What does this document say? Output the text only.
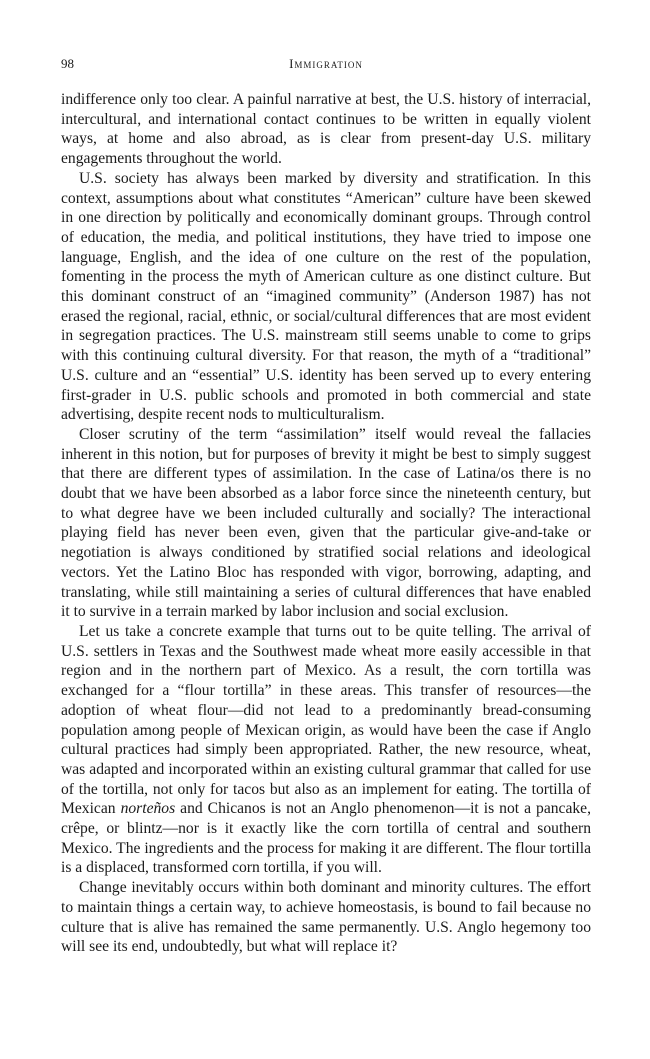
98	Immigration

indifference only too clear. A painful narrative at best, the U.S. history of interracial, intercultural, and international contact continues to be written in equally violent ways, at home and also abroad, as is clear from present-day U.S. military engagements throughout the world.

U.S. society has always been marked by diversity and stratification. In this context, assumptions about what constitutes “American” culture have been skewed in one direction by politically and economically dominant groups. Through control of education, the media, and political institutions, they have tried to impose one language, English, and the idea of one culture on the rest of the population, fomenting in the process the myth of American culture as one distinct culture. But this dominant construct of an “imagined community” (Anderson 1987) has not erased the regional, racial, ethnic, or social/cultural differences that are most evident in segregation practices. The U.S. mainstream still seems unable to come to grips with this continuing cultural diversity. For that reason, the myth of a “traditional” U.S. culture and an “essential” U.S. identity has been served up to every entering first-grader in U.S. public schools and promoted in both commercial and state advertising, despite recent nods to multiculturalism.

Closer scrutiny of the term “assimilation” itself would reveal the fallacies inherent in this notion, but for purposes of brevity it might be best to simply suggest that there are different types of assimilation. In the case of Latina/​os there is no doubt that we have been absorbed as a labor force since the nineteenth century, but to what degree have we been included culturally and socially? The interactional playing field has never been even, given that the particular give-and-take or negotiation is always conditioned by stratified social relations and ideological vectors. Yet the Latino Bloc has responded with vigor, borrowing, adapting, and translating, while still maintaining a series of cultural differences that have enabled it to survive in a terrain marked by labor inclusion and social exclusion.

Let us take a concrete example that turns out to be quite telling. The arrival of U.S. settlers in Texas and the Southwest made wheat more easily accessible in that region and in the northern part of Mexico. As a result, the corn tortilla was exchanged for a “flour tortilla” in these areas. This transfer of resources—the adoption of wheat flour—did not lead to a predominantly bread-consuming population among people of Mexican origin, as would have been the case if Anglo cultural practices had simply been appropriated. Rather, the new resource, wheat, was adapted and incorporated within an existing cultural grammar that called for use of the tortilla, not only for tacos but also as an implement for eating. The tortilla of Mexican norteños and Chicanos is not an Anglo phenomenon—it is not a pancake, crêpe, or blintz—nor is it exactly like the corn tortilla of central and southern Mexico. The ingredients and the process for making it are different. The flour tortilla is a displaced, transformed corn tortilla, if you will.

Change inevitably occurs within both dominant and minority cultures. The effort to maintain things a certain way, to achieve homeostasis, is bound to fail because no culture that is alive has remained the same permanently. U.S. Anglo hegemony too will see its end, undoubtedly, but what will replace it?
